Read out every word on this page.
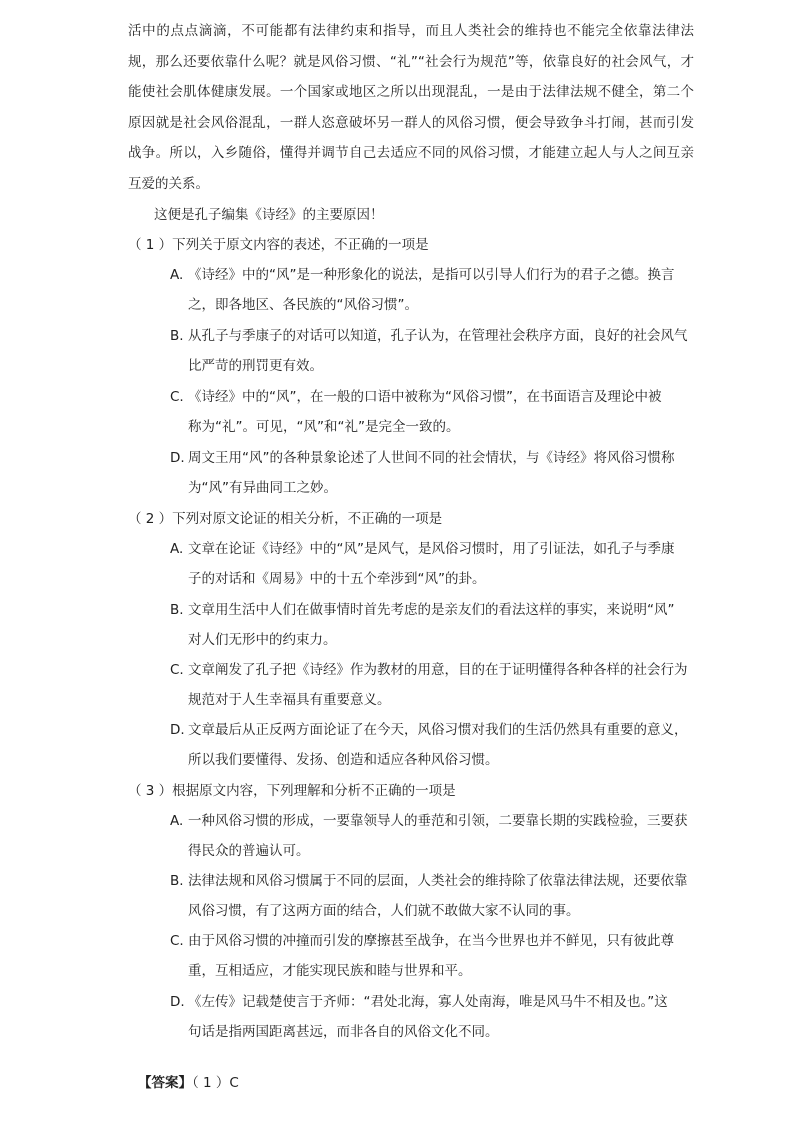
活中的点点滴滴，不可能都有法律约束和指导，而且人类社会的维持也不能完全依靠法律法规，那么还要依靠什么呢？就是风俗习惯、“礼”“社会行为规范”等，依靠良好的社会风气，才能使社会肌体健康发展。一个国家或地区之所以出现混乱，一是由于法律法规不健全，第二个原因就是社会风俗混乱，一群人恣意破坏另一群人的风俗习惯，便会导致争斗打闹，甚而引发战争。所以，入乡随俗，懂得并调节自己去适应不同的风俗习惯，才能建立起人与人之间互亲互爱的关系。

这便是孔子编集《诗经》的主要原因！

（ 1 ）下列关于原文内容的表述，不正确的一项是

A. 《诗经》中的“风”是一种形象化的说法，是指可以引导人们行为的君子之德。换言
之，即各地区、各民族的“风俗习惯”。
B. 从孔子与季康子的对话可以知道，孔子认为，在管理社会秩序方面，良好的社会风气
比严苛的刑罚更有效。
C. 《诗经》中的“风”，在一般的口语中被称为“风俗习惯”，在书面语言及理论中被
称为“礼”。可见，“风”和“礼”是完全一致的。
D. 周文王用“风”的各种景象论述了人世间不同的社会情状，与《诗经》将风俗习惯称
为“风”有异曲同工之妙。

（ 2 ）下列对原文论证的相关分析，不正确的一项是

A. 文章在论证《诗经》中的“风”是风气，是风俗习惯时，用了引证法，如孔子与季康
子的对话和《周易》中的十五个牵涉到“风”的卦。
B. 文章用生活中人们在做事情时首先考虑的是亲友们的看法这样的事实，来说明“风”
对人们无形中的约束力。
C. 文章阐发了孔子把《诗经》作为教材的用意，目的在于证明懂得各种各样的社会行为
规范对于人生幸福具有重要意义。
D. 文章最后从正反两方面论证了在今天，风俗习惯对我们的生活仍然具有重要的意义，
所以我们要懂得、发扬、创造和适应各种风俗习惯。

（ 3 ）根据原文内容，下列理解和分析不正确的一项是

A. 一种风俗习惯的形成，一要靠领导人的垂范和引领，二要靠长期的实践检验，三要获
得民众的普遍认可。
B. 法律法规和风俗习惯属于不同的层面，人类社会的维持除了依靠法律法规，还要依靠
风俗习惯，有了这两方面的结合，人们就不敢做大家不认同的事。
C. 由于风俗习惯的冲撞而引发的摩擦甚至战争，在当今世界也并不鲜见，只有彼此尊
重，互相适应，才能实现民族和睦与世界和平。
D. 《左传》记载楚使言于齐师：“君处北海，寡人处南海，唯是风马牛不相及也。”这
句话是指两国距离甚远，而非各自的风俗文化不同。

【答案】（ 1 ）C
